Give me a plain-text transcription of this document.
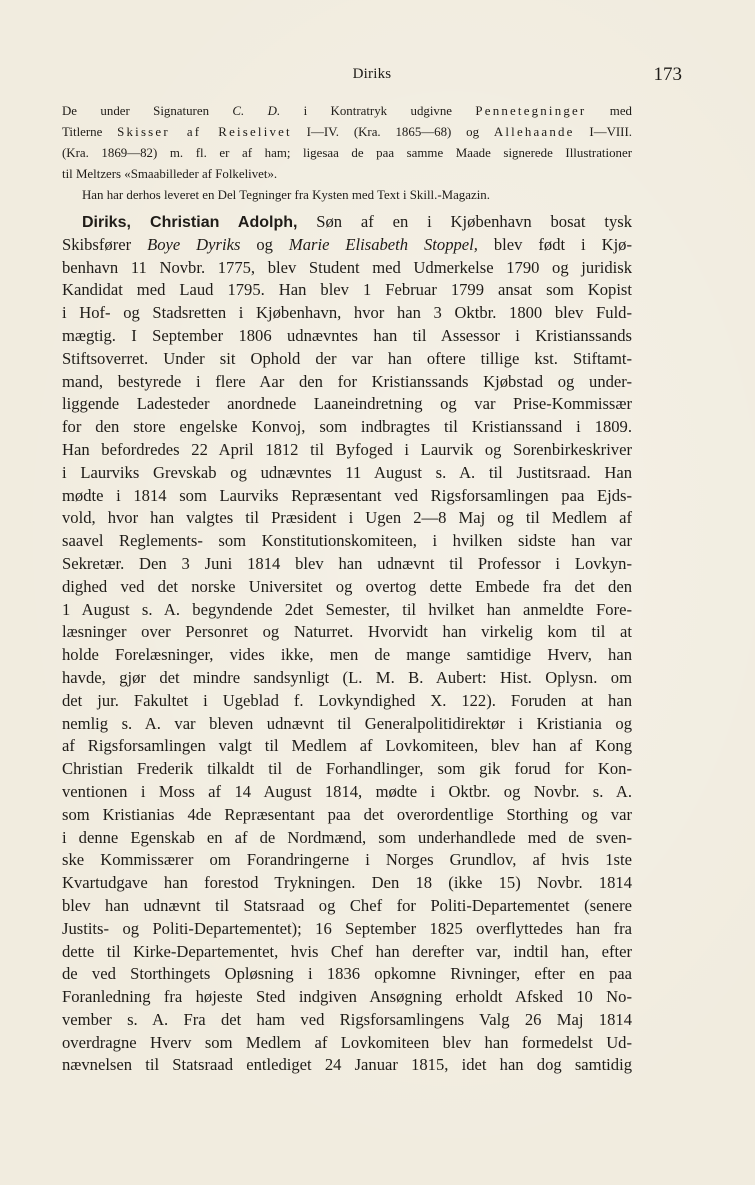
Diriks	173
De under Signaturen C. D. i Kontratryk udgivne Pennetegninger med
Titlerne Skisser af Reiselivet I—IV. (Kra. 1865—68) og Allehaande I—VIII.
(Kra. 1869—82) m. fl. er af ham; ligesaa de paa samme Maade signerede Illustrationer
til Meltzers «Smaabilleder af Folkelivet».
Han har derhos leveret en Del Tegninger fra Kysten med Text i Skill.-Magazin.
Diriks, Christian Adolph, Søn af en i Kjøbenhavn bosat tysk
Skibsfører Boye Dyriks og Marie Elisabeth Stoppel, blev født i Kjø-
benhavn 11 Novbr. 1775, blev Student med Udmerkelse 1790 og juridisk
Kandidat med Laud 1795. Han blev 1 Februar 1799 ansat som Kopist
i Hof- og Stadsretten i Kjøbenhavn, hvor han 3 Oktbr. 1800 blev Fuld-
mægtig. I September 1806 udnævntes han til Assessor i Kristianssands
Stiftsoverret. Under sit Ophold der var han oftere tillige kst. Stiftamt-
mand, bestyrede i flere Aar den for Kristianssands Kjøbstad og under-
liggende Ladesteder anordnede Laaneindretning og var Prise-Kommissær
for den store engelske Konvoj, som indbragtes til Kristianssand i 1809.
Han befordredes 22 April 1812 til Byfoged i Laurvik og Sorenbirkeskriver
i Laurviks Grevskab og udnævntes 11 August s. A. til Justitsraad. Han
mødte i 1814 som Laurviks Repræsentant ved Rigsforsamlingen paa Ejds-
vold, hvor han valgtes til Præsident i Ugen 2—8 Maj og til Medlem af
saavel Reglements- som Konstitutionskomiteen, i hvilken sidste han var
Sekretær. Den 3 Juni 1814 blev han udnævnt til Professor i Lovkyn-
dighed ved det norske Universitet og overtog dette Embede fra det den
1 August s. A. begyndende 2det Semester, til hvilket han anmeldte Fore-
læsninger over Personret og Naturret. Hvorvidt han virkelig kom til at
holde Forelæsninger, vides ikke, men de mange samtidige Hverv, han
havde, gjør det mindre sandsynligt (L. M. B. Aubert: Hist. Oplysn. om
det jur. Fakultet i Ugeblad f. Lovkyndighed X. 122). Foruden at han
nemlig s. A. var bleven udnævnt til Generalpolitidirektør i Kristiania og
af Rigsforsamlingen valgt til Medlem af Lovkomiteen, blev han af Kong
Christian Frederik tilkaldt til de Forhandlinger, som gik forud for Kon-
ventionen i Moss af 14 August 1814, mødte i Oktbr. og Novbr. s. A.
som Kristianias 4de Repræsentant paa det overordentlige Storthing og var
i denne Egenskab en af de Nordmænd, som underhandlede med de sven-
ske Kommissærer om Forandringerne i Norges Grundlov, af hvis 1ste
Kvartudgave han forestod Trykningen. Den 18 (ikke 15) Novbr. 1814
blev han udnævnt til Statsraad og Chef for Politi-Departementet (senere
Justits- og Politi-Departementet); 16 September 1825 overflyttedes han fra
dette til Kirke-Departementet, hvis Chef han derefter var, indtil han, efter
de ved Storthingets Opløsning i 1836 opkomne Rivninger, efter en paa
Foranledning fra højeste Sted indgiven Ansøgning erholdt Afsked 10 No-
vember s. A. Fra det ham ved Rigsforsamlingens Valg 26 Maj 1814
overdragne Hverv som Medlem af Lovkomiteen blev han formedelst Ud-
nævnelsen til Statsraad entlediget 24 Januar 1815, idet han dog samtidig
